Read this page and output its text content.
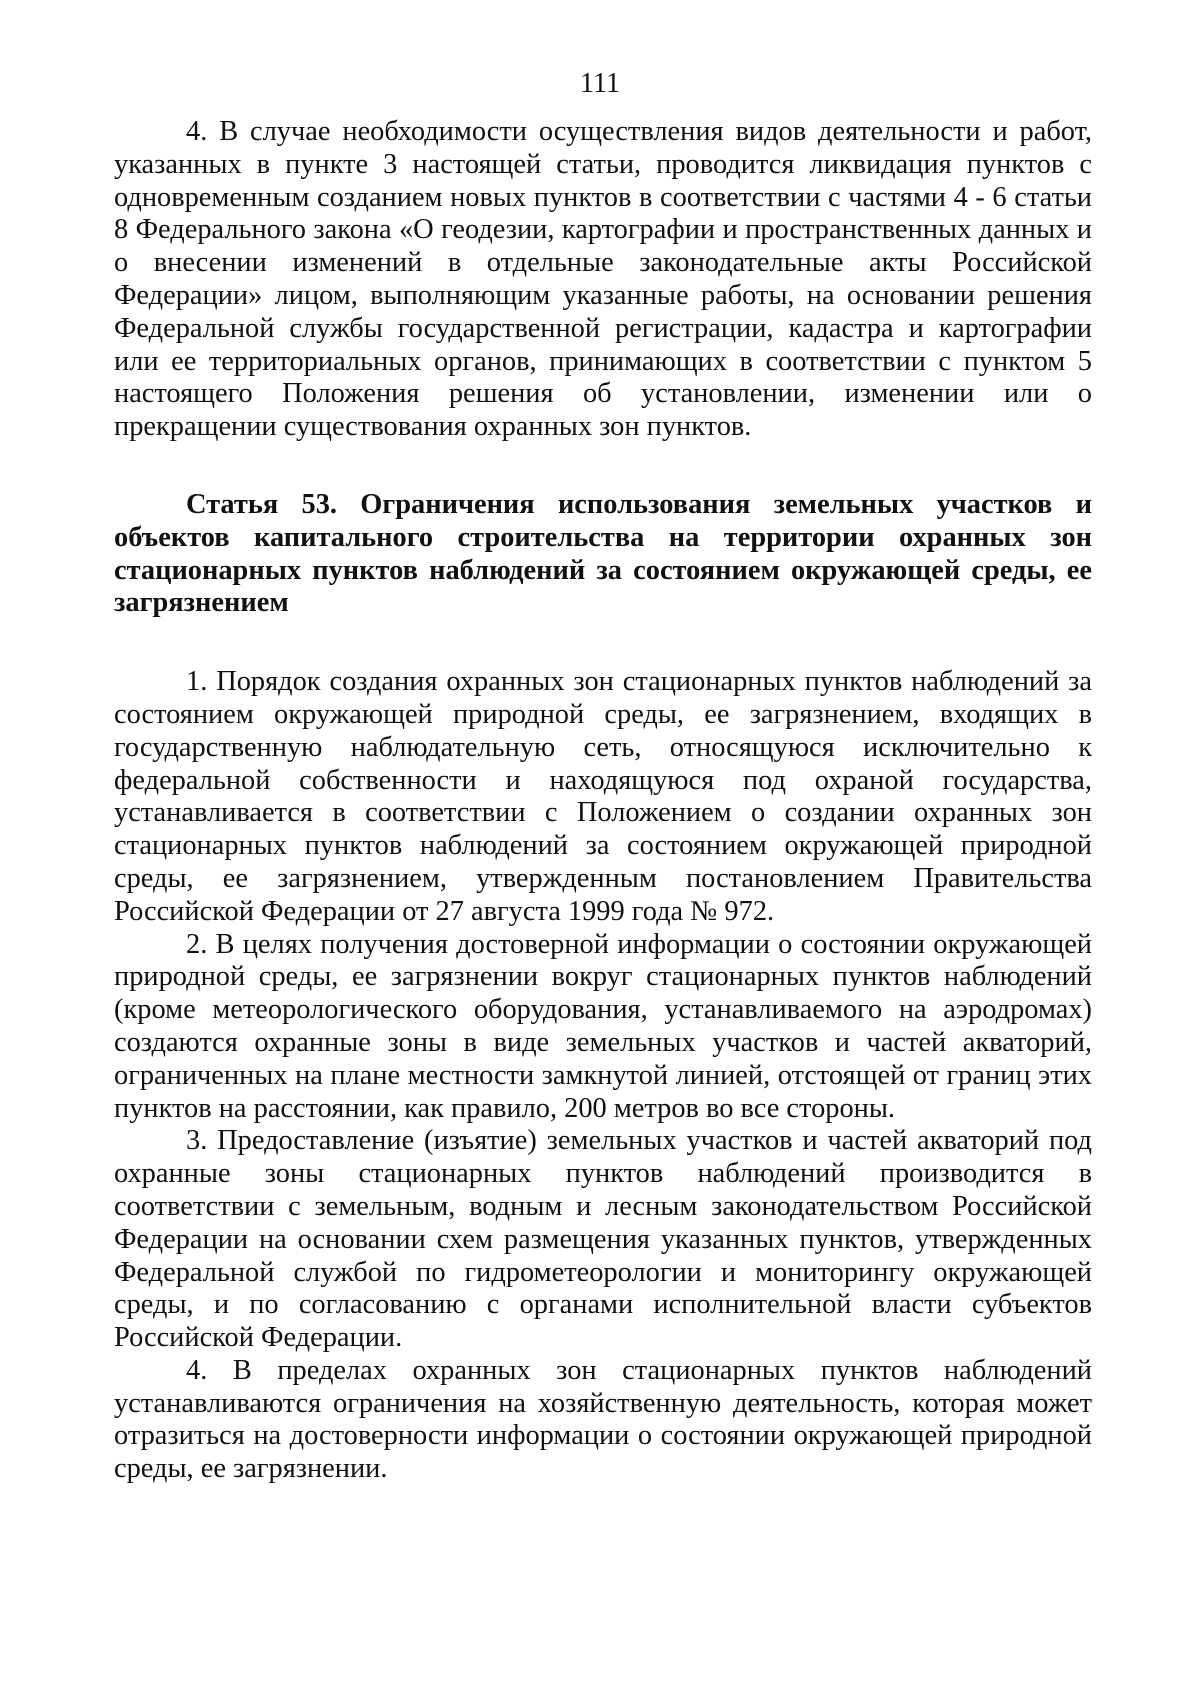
111

4. В случае необходимости осуществления видов деятельности и работ, указанных в пункте 3 настоящей статьи, проводится ликвидация пунктов с одновременным созданием новых пунктов в соответствии с частями 4 - 6 статьи 8 Федерального закона «О геодезии, картографии и пространственных данных и о внесении изменений в отдельные законодательные акты Российской Федерации» лицом, выполняющим указанные работы, на основании решения Федеральной службы государственной регистрации, кадастра и картографии или ее территориальных органов, принимающих в соответствии с пунктом 5 настоящего Положения решения об установлении, изменении или о прекращении существования охранных зон пунктов.

Статья 53. Ограничения использования земельных участков и объектов капитального строительства на территории охранных зон стационарных пунктов наблюдений за состоянием окружающей среды, ее загрязнением

1. Порядок создания охранных зон стационарных пунктов наблюдений за состоянием окружающей природной среды, ее загрязнением, входящих в государственную наблюдательную сеть, относящуюся исключительно к федеральной собственности и находящуюся под охраной государства, устанавливается в соответствии с Положением о создании охранных зон стационарных пунктов наблюдений за состоянием окружающей природной среды, ее загрязнением, утвержденным постановлением Правительства Российской Федерации от 27 августа 1999 года № 972.

2. В целях получения достоверной информации о состоянии окружающей природной среды, ее загрязнении вокруг стационарных пунктов наблюдений (кроме метеорологического оборудования, устанавливаемого на аэродромах) создаются охранные зоны в виде земельных участков и частей акваторий, ограниченных на плане местности замкнутой линией, отстоящей от границ этих пунктов на расстоянии, как правило, 200 метров во все стороны.

3. Предоставление (изъятие) земельных участков и частей акваторий под охранные зоны стационарных пунктов наблюдений производится в соответствии с земельным, водным и лесным законодательством Российской Федерации на основании схем размещения указанных пунктов, утвержденных Федеральной службой по гидрометеорологии и мониторингу окружающей среды, и по согласованию с органами исполнительной власти субъектов Российской Федерации.

4. В пределах охранных зон стационарных пунктов наблюдений устанавливаются ограничения на хозяйственную деятельность, которая может отразиться на достоверности информации о состоянии окружающей природной среды, ее загрязнении.
